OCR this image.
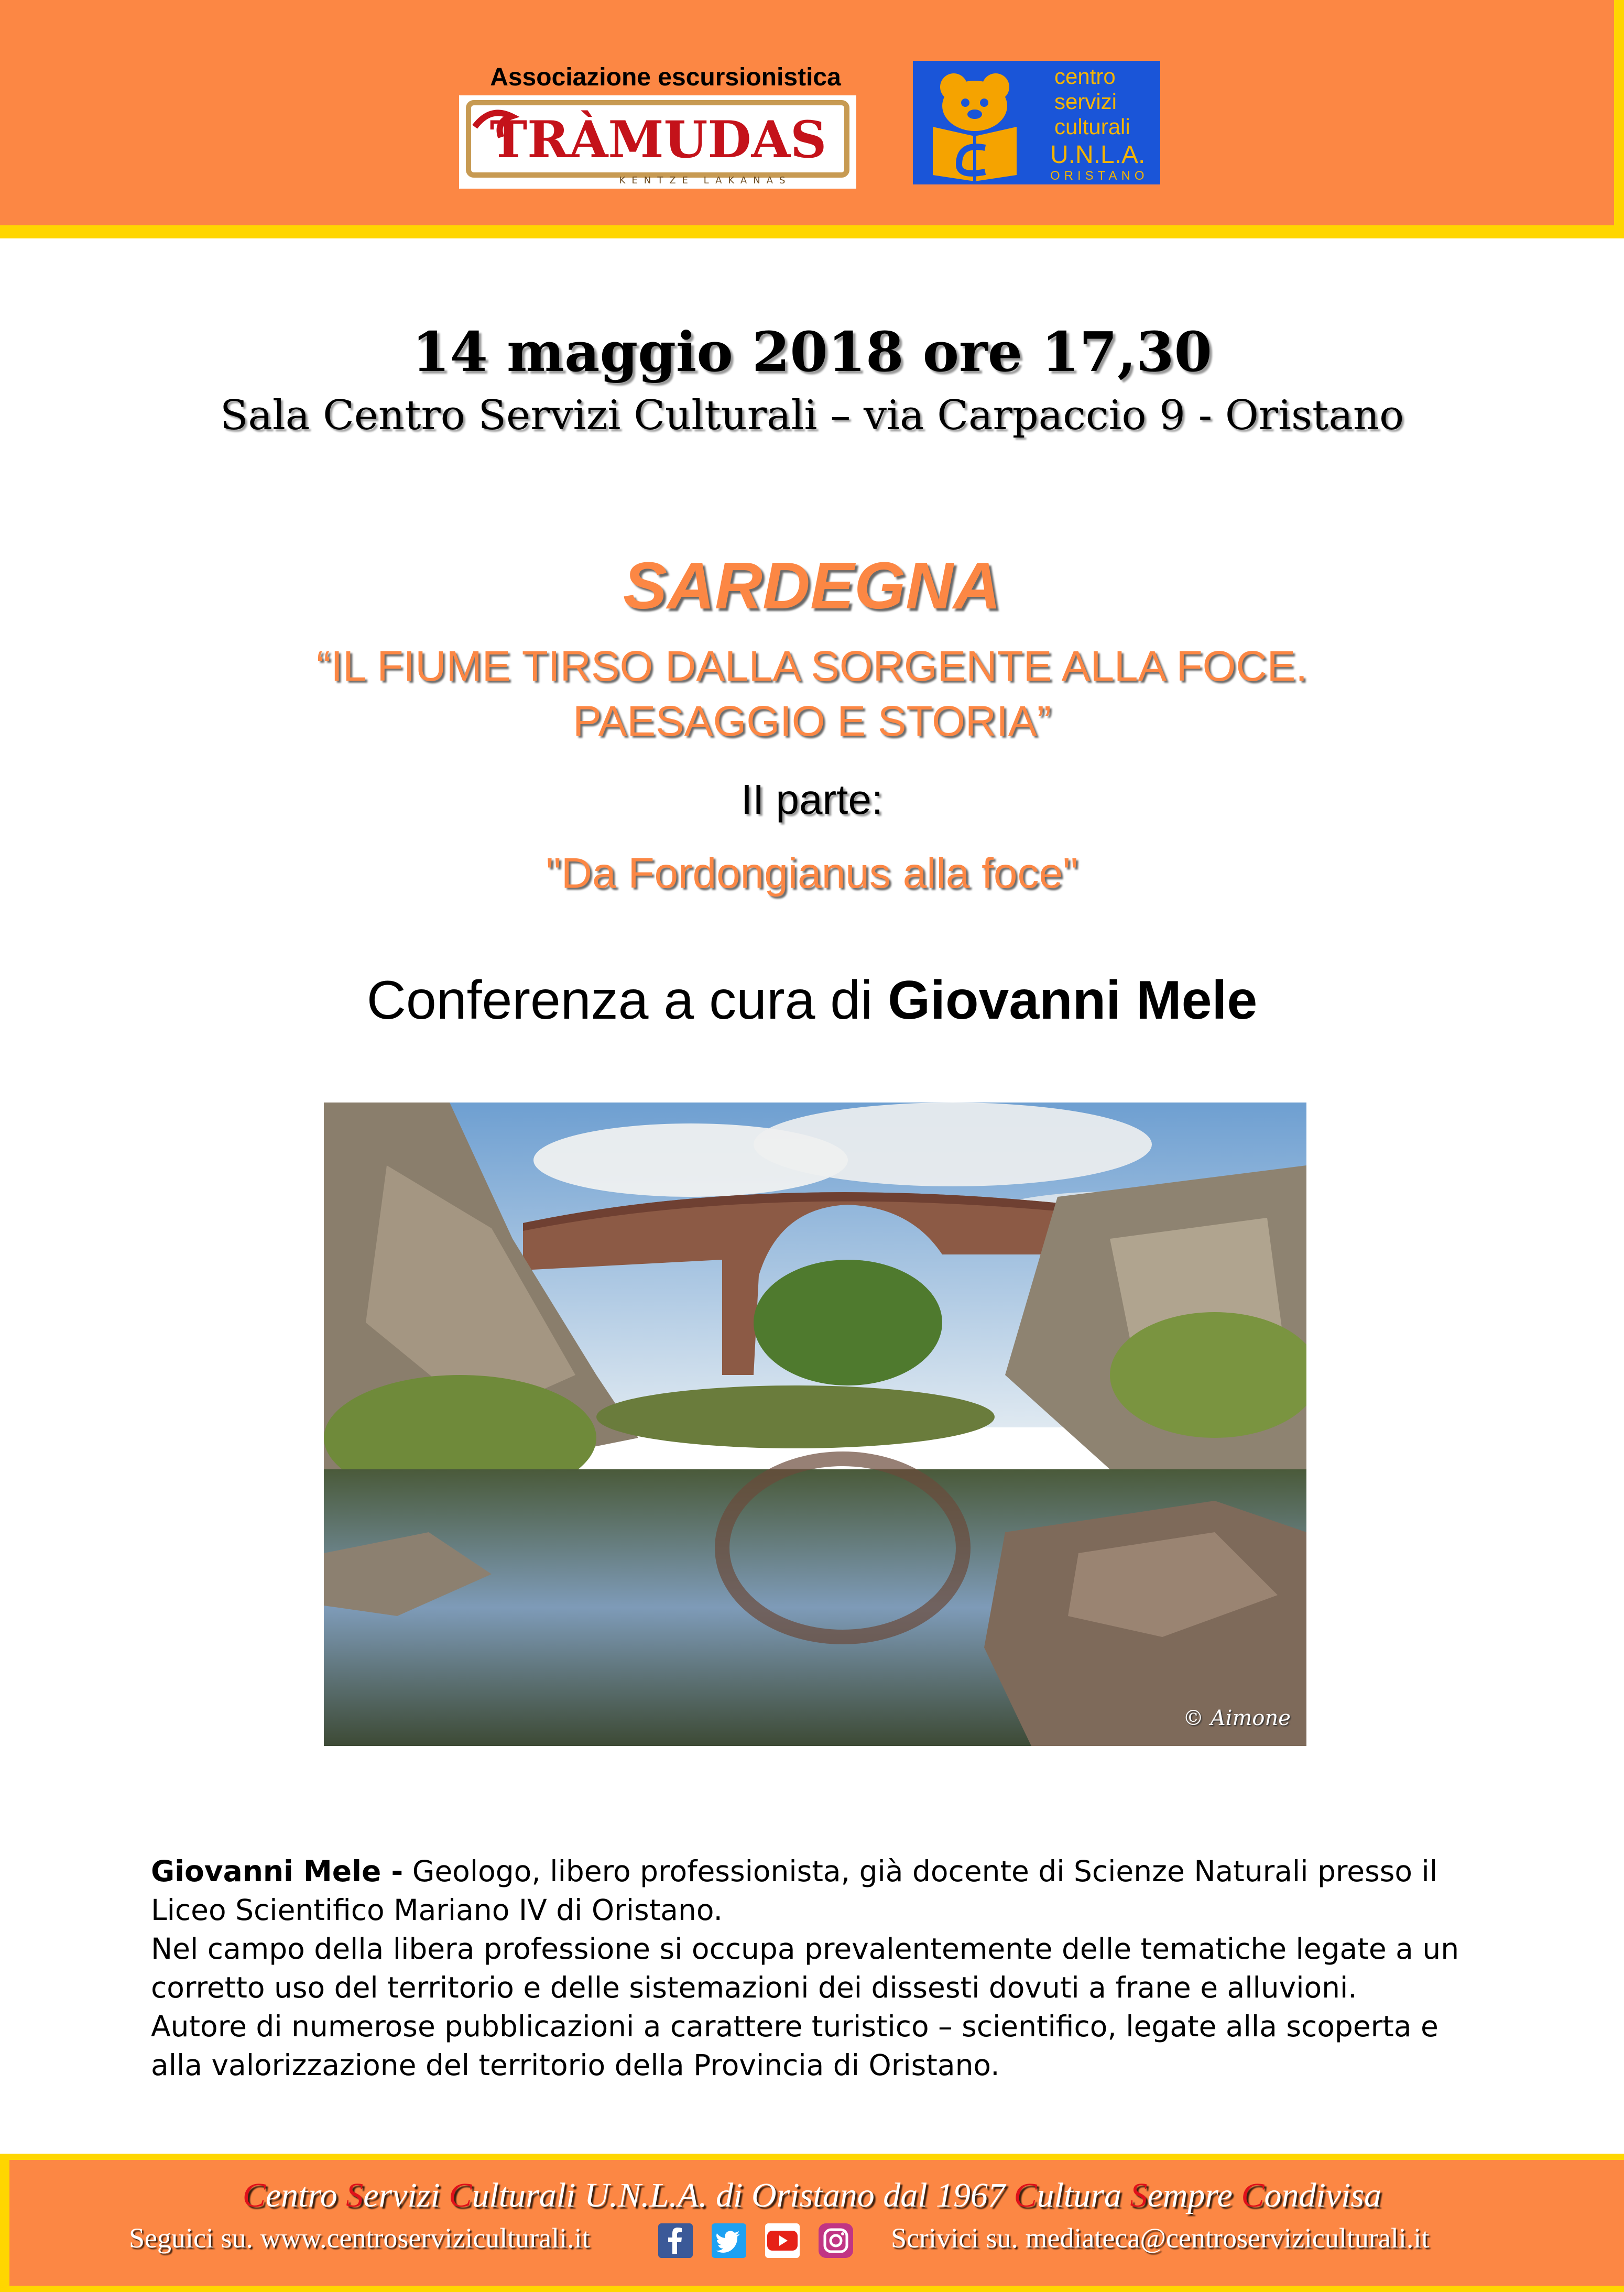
Associazione escursionistica
TRÀMUDAS
KENTZE LAKANAS
centro
servizi
culturali
U.N.L.A.
ORISTANO
14 maggio 2018 ore 17,30
Sala Centro Servizi Culturali – via Carpaccio 9 - Oristano
SARDEGNA
“IL FIUME TIRSO DALLA SORGENTE ALLA FOCE.
PAESAGGIO E STORIA”
II parte:
"Da Fordongianus alla foce"
Conferenza a cura di Giovanni Mele
© Aimone

Giovanni Mele - Geologo, libero professionista, già docente di Scienze Naturali presso il Liceo Scientifico Mariano IV di Oristano.

Nel campo della libera professione si occupa prevalentemente delle tematiche legate a un corretto uso del territorio e delle sistemazioni dei dissesti dovuti a frane e alluvioni.

Autore di numerose pubblicazioni a carattere turistico – scientifico, legate alla scoperta e alla valorizzazione del territorio della Provincia di Oristano.

Centro Servizi Culturali U.N.L.A. di Oristano dal 1967 Cultura Sempre Condivisa
Seguici su. www.centroserviziculturali.it	Scrivici su. mediateca@centroserviziculturali.it
